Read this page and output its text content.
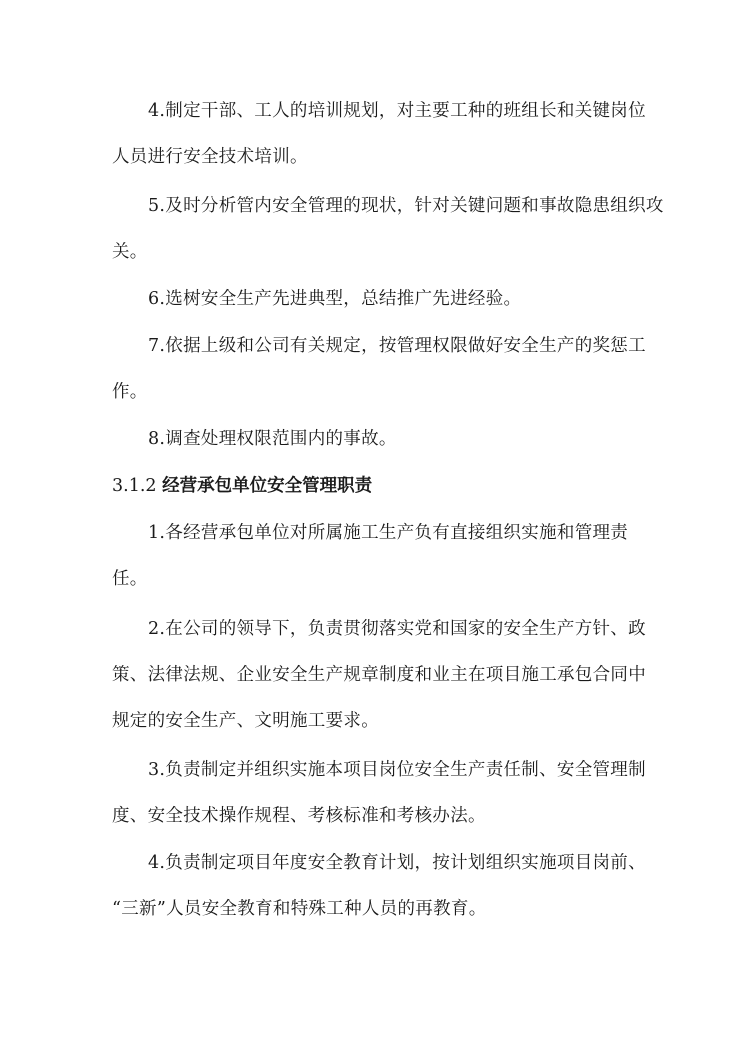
4.制定干部、工人的培训规划，对主要工种的班组长和关键岗位
人员进行安全技术培训。

5.及时分析管内安全管理的现状，针对关键问题和事故隐患组织攻
关。

6.选树安全生产先进典型，总结推广先进经验。

7.依据上级和公司有关规定，按管理权限做好安全生产的奖惩工
作。

8.调查处理权限范围内的事故。

3.1.2 经营承包单位安全管理职责

1.各经营承包单位对所属施工生产负有直接组织实施和管理责
任。

2.在公司的领导下，负责贯彻落实党和国家的安全生产方针、政
策、法律法规、企业安全生产规章制度和业主在项目施工承包合同中
规定的安全生产、文明施工要求。

3.负责制定并组织实施本项目岗位安全生产责任制、安全管理制
度、安全技术操作规程、考核标准和考核办法。

4.负责制定项目年度安全教育计划，按计划组织实施项目岗前、
“三新”人员安全教育和特殊工种人员的再教育。
